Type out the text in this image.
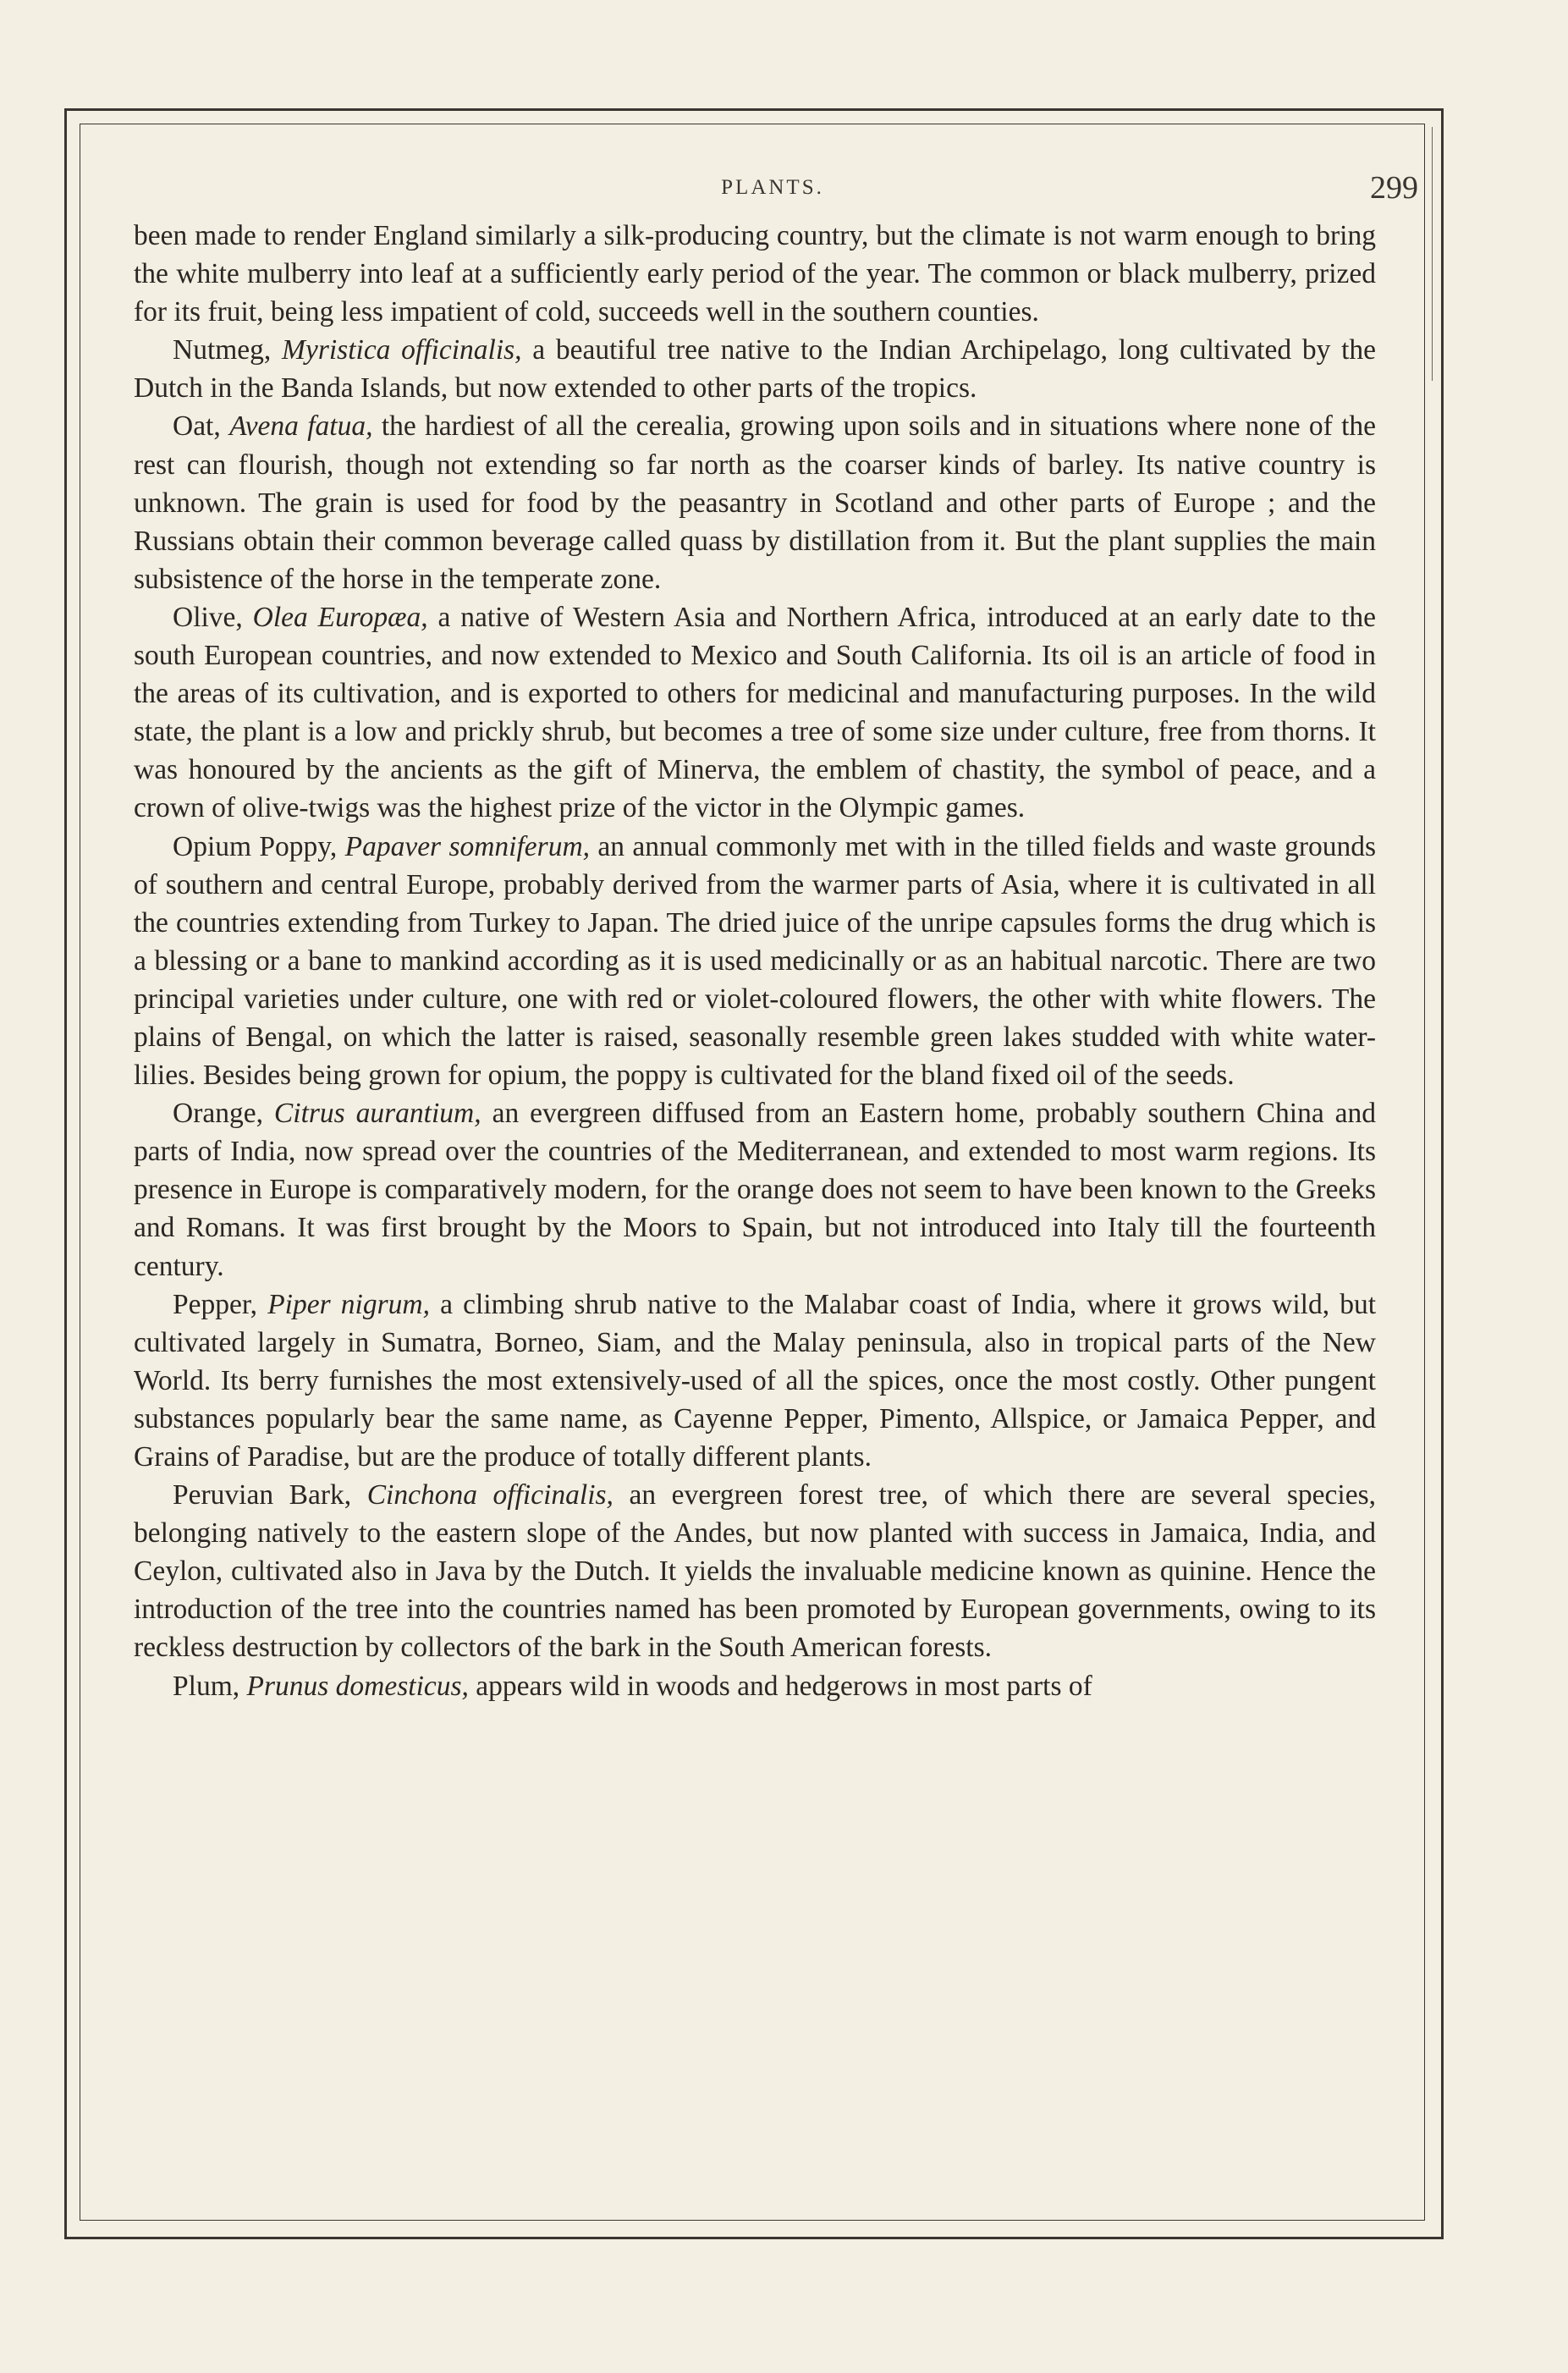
PLANTS.	299

been made to render England similarly a silk-producing country, but the climate is not warm enough to bring the white mulberry into leaf at a sufficiently early period of the year. The common or black mulberry, prized for its fruit, being less impatient of cold, succeeds well in the southern counties.

Nutmeg, Myristica officinalis, a beautiful tree native to the Indian Archipelago, long cultivated by the Dutch in the Banda Islands, but now extended to other parts of the tropics.

Oat, Avena fatua, the hardiest of all the cerealia, growing upon soils and in situations where none of the rest can flourish, though not extending so far north as the coarser kinds of barley. Its native country is unknown. The grain is used for food by the peasantry in Scotland and other parts of Europe ; and the Russians obtain their common beverage called quass by distillation from it. But the plant supplies the main subsistence of the horse in the temperate zone.

Olive, Olea Europæa, a native of Western Asia and Northern Africa, introduced at an early date to the south European countries, and now extended to Mexico and South California. Its oil is an article of food in the areas of its cultivation, and is exported to others for medicinal and manufacturing purposes. In the wild state, the plant is a low and prickly shrub, but becomes a tree of some size under culture, free from thorns. It was honoured by the ancients as the gift of Minerva, the emblem of chastity, the symbol of peace, and a crown of olive-twigs was the highest prize of the victor in the Olympic games.

Opium Poppy, Papaver somniferum, an annual commonly met with in the tilled fields and waste grounds of southern and central Europe, probably derived from the warmer parts of Asia, where it is cultivated in all the countries extending from Turkey to Japan. The dried juice of the unripe capsules forms the drug which is a blessing or a bane to mankind according as it is used medicinally or as an habitual narcotic. There are two principal varieties under culture, one with red or violet-coloured flowers, the other with white flowers. The plains of Bengal, on which the latter is raised, seasonally resemble green lakes studded with white water-lilies. Besides being grown for opium, the poppy is cultivated for the bland fixed oil of the seeds.

Orange, Citrus aurantium, an evergreen diffused from an Eastern home, probably southern China and parts of India, now spread over the countries of the Mediterranean, and extended to most warm regions. Its presence in Europe is comparatively modern, for the orange does not seem to have been known to the Greeks and Romans. It was first brought by the Moors to Spain, but not introduced into Italy till the fourteenth century.

Pepper, Piper nigrum, a climbing shrub native to the Malabar coast of India, where it grows wild, but cultivated largely in Sumatra, Borneo, Siam, and the Malay peninsula, also in tropical parts of the New World. Its berry furnishes the most extensively-used of all the spices, once the most costly. Other pungent substances popularly bear the same name, as Cayenne Pepper, Pimento, Allspice, or Jamaica Pepper, and Grains of Paradise, but are the produce of totally different plants.

Peruvian Bark, Cinchona officinalis, an evergreen forest tree, of which there are several species, belonging natively to the eastern slope of the Andes, but now planted with success in Jamaica, India, and Ceylon, cultivated also in Java by the Dutch. It yields the invaluable medicine known as quinine. Hence the introduction of the tree into the countries named has been promoted by European governments, owing to its reckless destruction by collectors of the bark in the South American forests.

Plum, Prunus domesticus, appears wild in woods and hedgerows in most parts of
